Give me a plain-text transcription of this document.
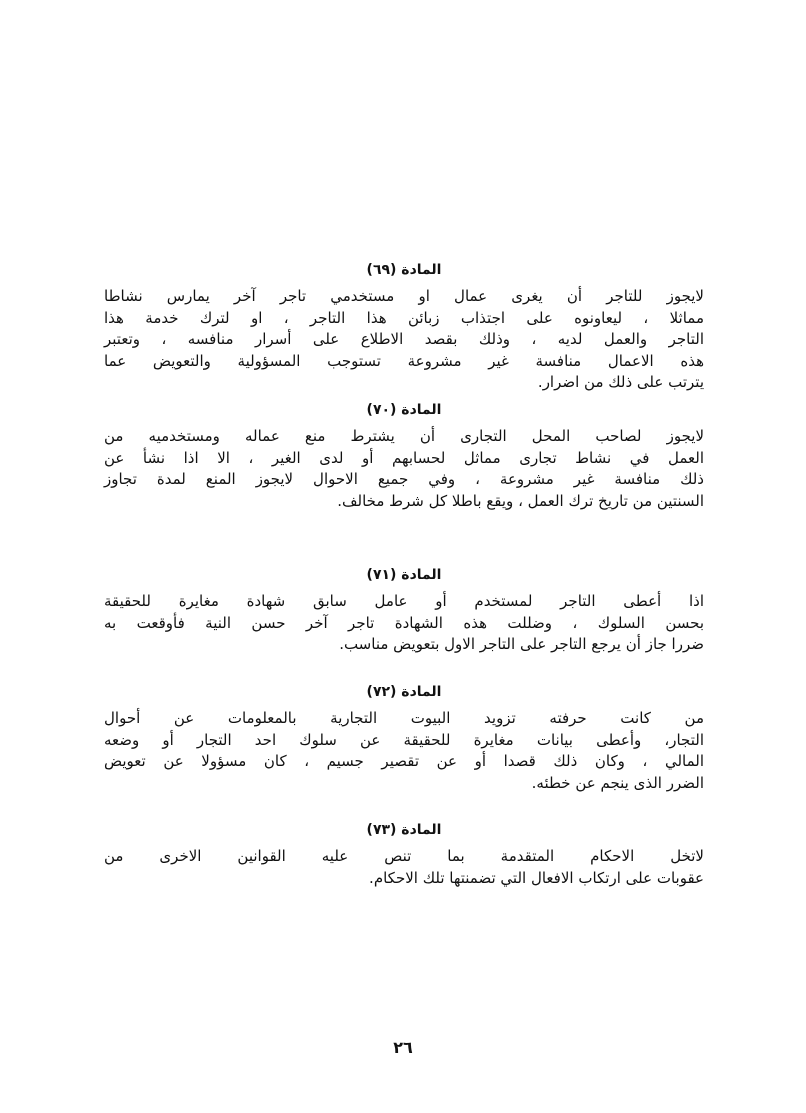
المادة (٦٩)
لايجوز للتاجر أن يغرى عمال او مستخدمي تاجر آخر يمارس نشاطا
مماثلا ، ليعاونوه على اجتذاب زبائن هذا التاجر ، او لترك خدمة هذا
التاجر والعمل لديه ، وذلك بقصد الاطلاع على أسرار منافسه ، وتعتبر
هذه الاعمال منافسة غير مشروعة تستوجب المسؤولية والتعويض عما
يترتب على ذلك من اضرار.
المادة (٧٠)
لايجوز لصاحب المحل التجارى أن يشترط منع عماله ومستخدميه من
العمل في نشاط تجارى مماثل لحسابهم أو لدى الغير ، الا اذا نشأ عن
ذلك منافسة غير مشروعة ، وفي جميع الاحوال لايجوز المنع لمدة تجاوز
السنتين من تاريخ ترك العمل ، ويقع باطلا كل شرط مخالف.
المادة (٧١)
اذا أعطى التاجر لمستخدم أو عامل سابق شهادة مغايرة للحقيقة
بحسن السلوك ، وضللت هذه الشهادة تاجر آخر حسن النية فأوقعت به
ضررا جاز أن يرجع التاجر على التاجر الاول بتعويض مناسب.
المادة (٧٢)
من كانت حرفته تزويد البيوت التجارية بالمعلومات عن أحوال
التجار، وأعطى بيانات مغايرة للحقيقة عن سلوك احد التجار أو وضعه
المالي ، وكان ذلك قصدا أو عن تقصير جسيم ، كان مسؤولا عن تعويض
الضرر الذى ينجم عن خطئه.
المادة (٧٣)
لاتخل الاحكام المتقدمة بما تنص عليه القوانين الاخرى من
عقوبات على ارتكاب الافعال التي تضمنتها تلك الاحكام.
٢٦
